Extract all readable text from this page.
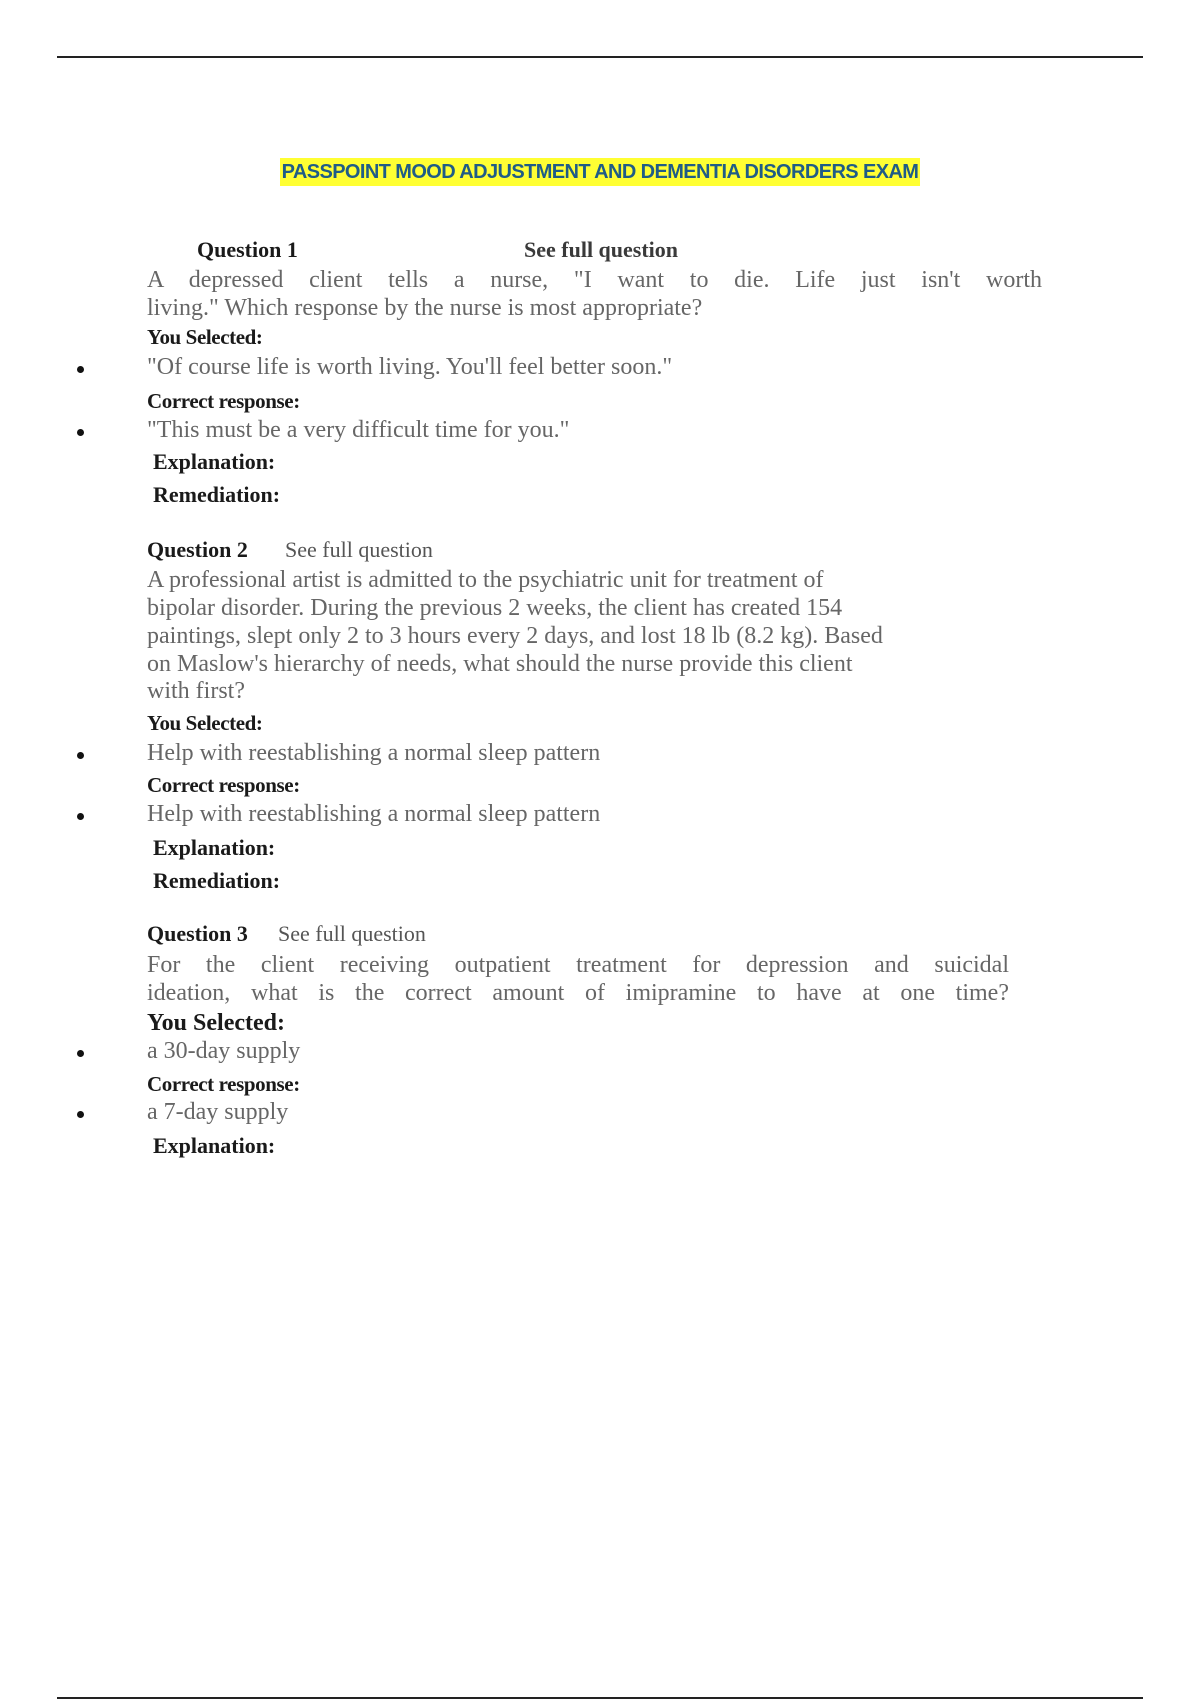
PASSPOINT MOOD ADJUSTMENT AND DEMENTIA DISORDERS EXAM
Question 1	See full question
A depressed client tells a nurse, "I want to die. Life just isn't worth
living." Which response by the nurse is most appropriate?
You Selected:
"Of course life is worth living. You'll feel better soon."
Correct response:
"This must be a very difficult time for you."
Explanation:
Remediation:
Question 2 See full question
A professional artist is admitted to the psychiatric unit for treatment of
bipolar disorder. During the previous 2 weeks, the client has created 154
paintings, slept only 2 to 3 hours every 2 days, and lost 18 lb (8.2 kg). Based
on Maslow's hierarchy of needs, what should the nurse provide this client
with first?
You Selected:
Help with reestablishing a normal sleep pattern
Correct response:
Help with reestablishing a normal sleep pattern
Explanation:
Remediation:
Question 3 See full question
For the client receiving outpatient treatment for depression and suicidal
ideation, what is the correct amount of imipramine to have at one time?
You Selected:
a 30-day supply
Correct response:
a 7-day supply
Explanation:
